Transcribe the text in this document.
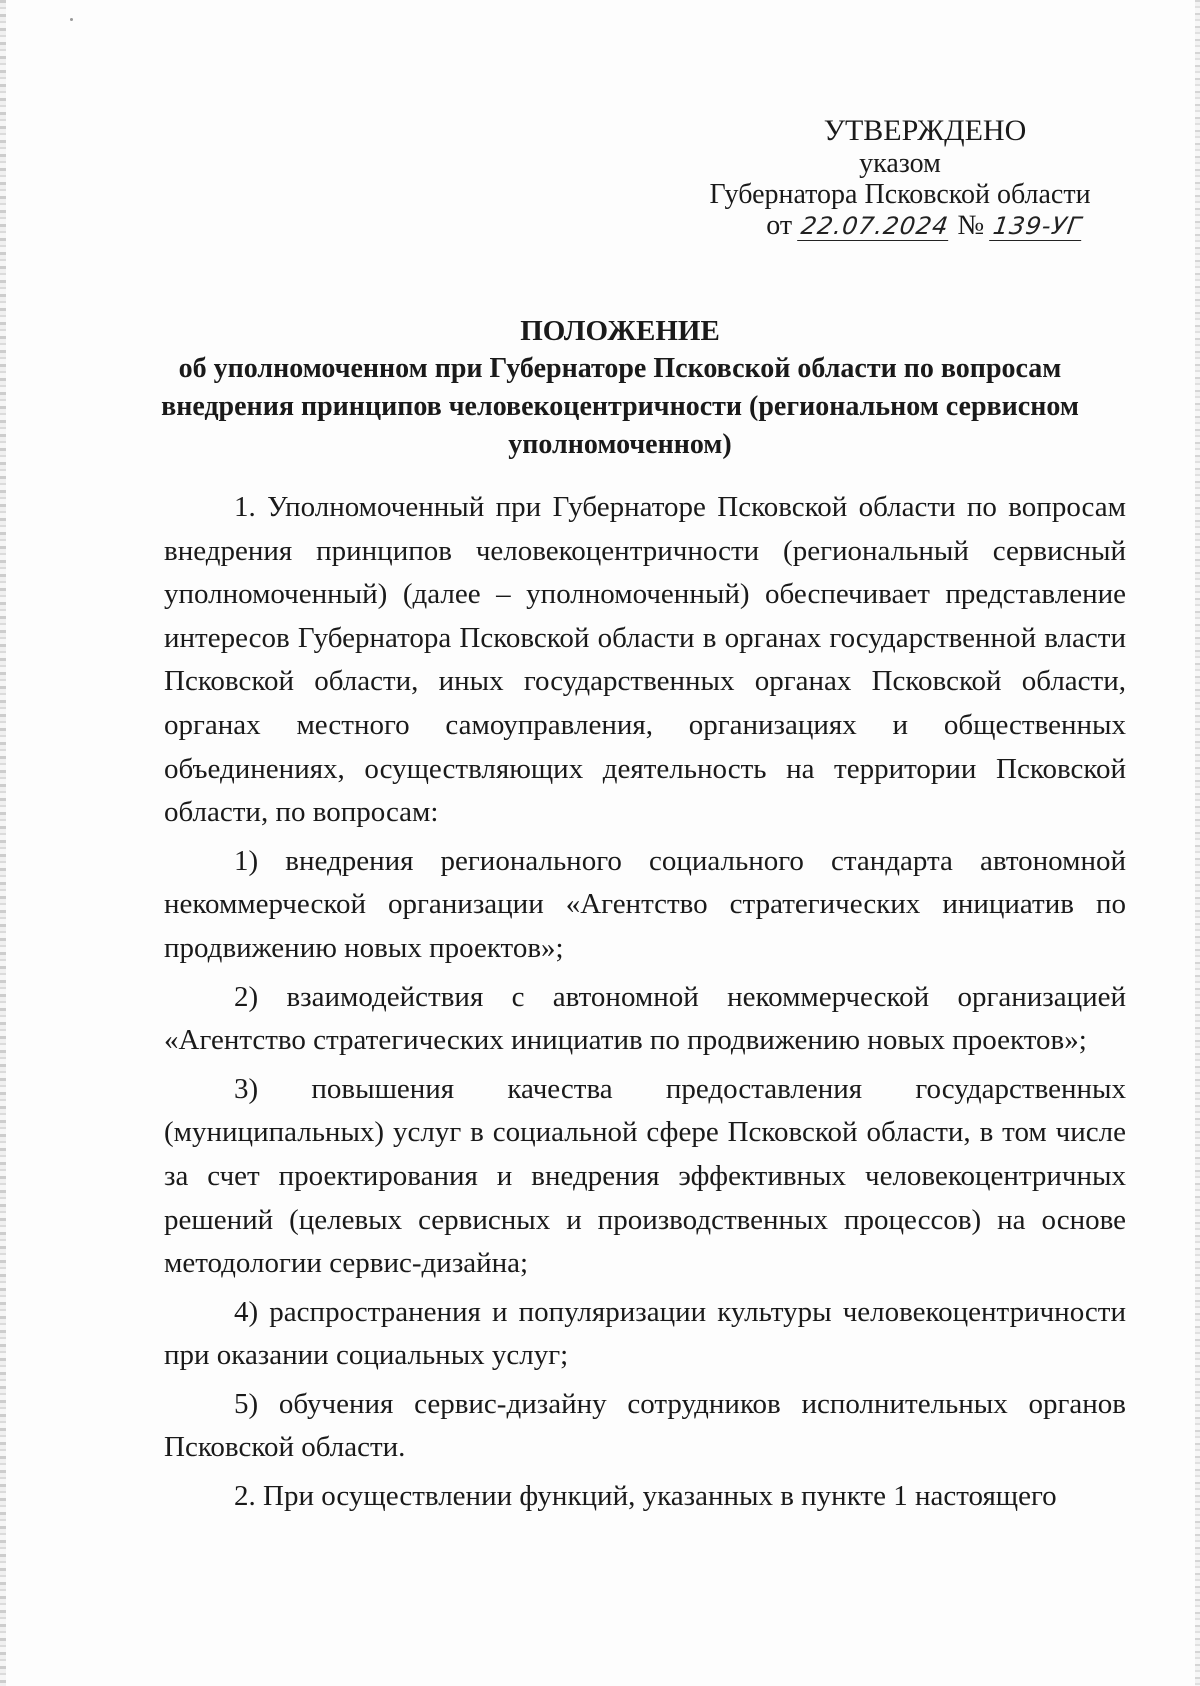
УТВЕРЖДЕНО
указом
Губернатора Псковской области
от 22.07.2024 № 139-УГ
ПОЛОЖЕНИЕ
об уполномоченном при Губернаторе Псковской области по вопросам внедрения принципов человекоцентричности (региональном сервисном уполномоченном)

1. Уполномоченный при Губернаторе Псковской области по вопросам внедрения принципов человекоцентричности (региональный сервисный уполномоченный) (далее – уполномоченный) обеспечивает представление интересов Губернатора Псковской области в органах государственной власти Псковской области, иных государственных органах Псковской области, органах местного самоуправления, организациях и общественных объединениях, осуществляющих деятельность на территории Псковской области, по вопросам:

1) внедрения регионального социального стандарта автономной некоммерческой организации «Агентство стратегических инициатив по продвижению новых проектов»;

2) взаимодействия с автономной некоммерческой организацией «Агентство стратегических инициатив по продвижению новых проектов»;

3) повышения качества предоставления государственных (муниципальных) услуг в социальной сфере Псковской области, в том числе за счет проектирования и внедрения эффективных человекоцентричных решений (целевых сервисных и производственных процессов) на основе методологии сервис-дизайна;

4) распространения и популяризации культуры человекоцентричности при оказании социальных услуг;

5) обучения сервис-дизайну сотрудников исполнительных органов Псковской области.

2. При осуществлении функций, указанных в пункте 1 настоящего
